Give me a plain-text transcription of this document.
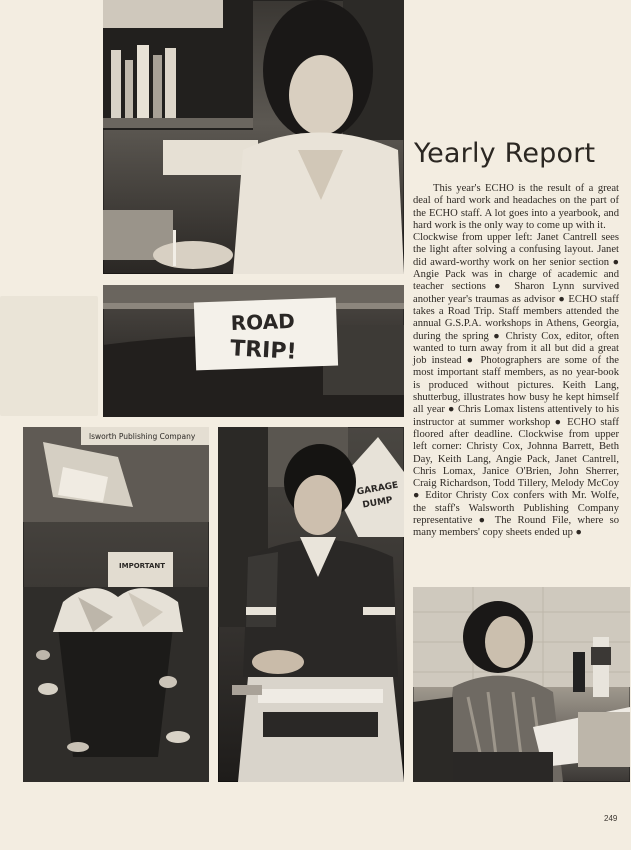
ROAD
TRIP!
lsworth Publishing Company
IMPORTANT
GARAGE
DUMP
Yearly Report

This year's ECHO is the result of a great deal of hard work and headaches on the part of the ECHO staff. A lot goes into a yearbook, and hard work is the only way to come up with it.

Clockwise from upper left: Janet Cantrell sees the light after solving a confusing layout. Janet did award-worthy work on her senior section ● Angie Pack was in charge of academic and teacher sections ● Sharon Lynn survived another year's traumas as advisor ● ECHO staff takes a Road Trip. Staff members attended the annual G.S.P.A. workshops in Athens, Georgia, during the spring ● Christy Cox, editor, often wanted to turn away from it all but did a great job instead ● Photographers are some of the most important staff members, as no year-book is produced without pictures. Keith Lang, shutterbug, illustrates how busy he kept himself all year ● Chris Lomax listens attentively to his instructor at summer workshop ● ECHO staff floored after deadline. Clockwise from upper left corner: Christy Cox, Johnna Barrett, Beth Day, Keith Lang, Angie Pack, Janet Cantrell, Chris Lomax, Janice O'Brien, John Sherrer, Craig Richardson, Todd Tillery, Melody McCoy ● Editor Christy Cox confers with Mr. Wolfe, the staff's Walsworth Publishing Company representative ● The Round File, where so many members' copy sheets ended up ●

249
